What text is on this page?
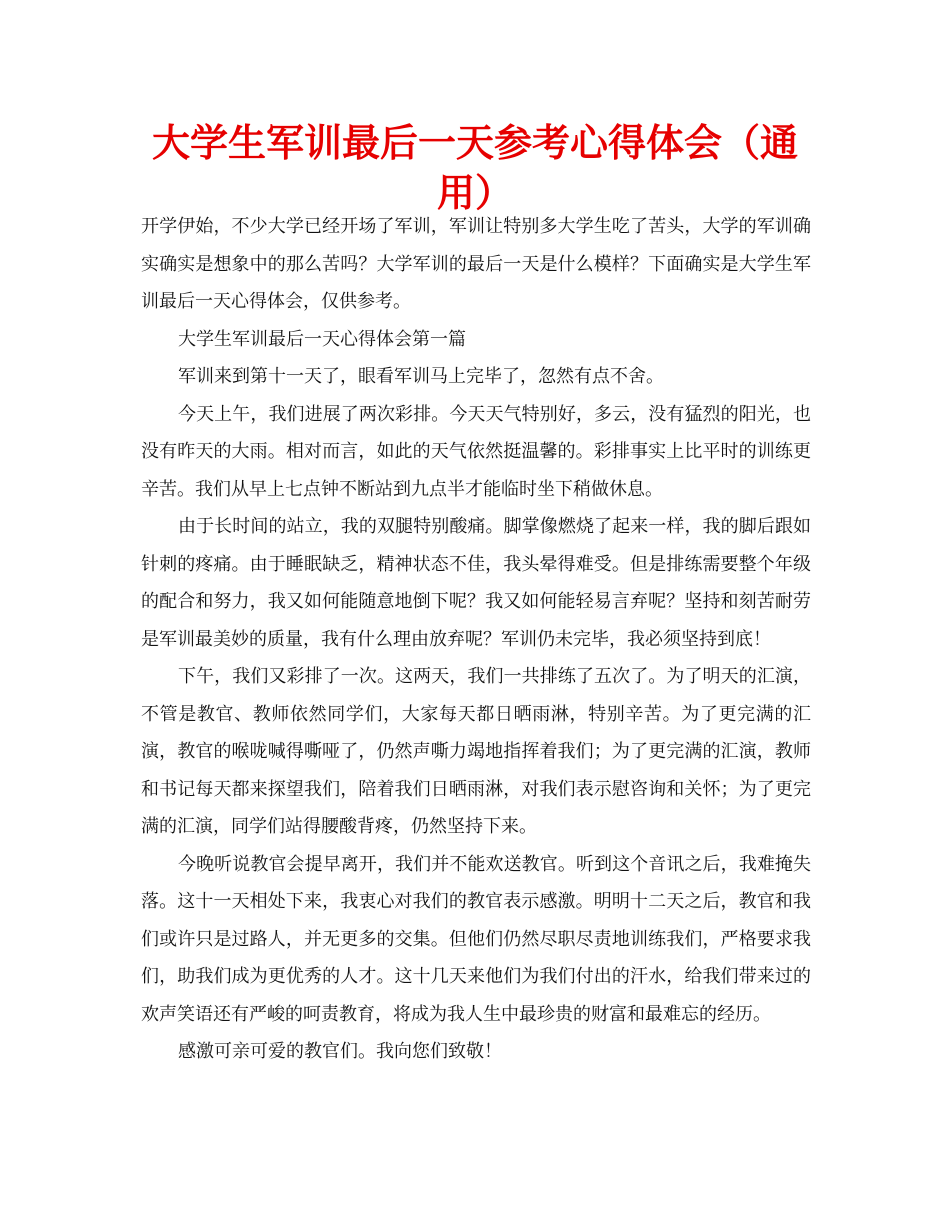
大学生军训最后一天参考心得体会（通用）

开学伊始，不少大学已经开场了军训，军训让特别多大学生吃了苦头，大学的军训确实确实是想象中的那么苦吗？大学军训的最后一天是什么模样？下面确实是大学生军训最后一天心得体会，仅供参考。

大学生军训最后一天心得体会第一篇

军训来到第十一天了，眼看军训马上完毕了，忽然有点不舍。

今天上午，我们进展了两次彩排。今天天气特别好，多云，没有猛烈的阳光，也没有昨天的大雨。相对而言，如此的天气依然挺温馨的。彩排事实上比平时的训练更辛苦。我们从早上七点钟不断站到九点半才能临时坐下稍做休息。

由于长时间的站立，我的双腿特别酸痛。脚掌像燃烧了起来一样，我的脚后跟如针刺的疼痛。由于睡眠缺乏，精神状态不佳，我头晕得难受。但是排练需要整个年级的配合和努力，我又如何能随意地倒下呢？我又如何能轻易言弃呢？坚持和刻苦耐劳是军训最美妙的质量，我有什么理由放弃呢？军训仍未完毕，我必须坚持到底！

下午，我们又彩排了一次。这两天，我们一共排练了五次了。为了明天的汇演，不管是教官、教师依然同学们，大家每天都日晒雨淋，特别辛苦。为了更完满的汇演，教官的喉咙喊得嘶哑了，仍然声嘶力竭地指挥着我们；为了更完满的汇演，教师和书记每天都来探望我们，陪着我们日晒雨淋，对我们表示慰咨询和关怀；为了更完满的汇演，同学们站得腰酸背疼，仍然坚持下来。

今晚听说教官会提早离开，我们并不能欢送教官。听到这个音讯之后，我难掩失落。这十一天相处下来，我衷心对我们的教官表示感激。明明十二天之后，教官和我们或许只是过路人，并无更多的交集。但他们仍然尽职尽责地训练我们，严格要求我们，助我们成为更优秀的人才。这十几天来他们为我们付出的汗水，给我们带来过的欢声笑语还有严峻的呵责教育，将成为我人生中最珍贵的财富和最难忘的经历。

感激可亲可爱的教官们。我向您们致敬！
